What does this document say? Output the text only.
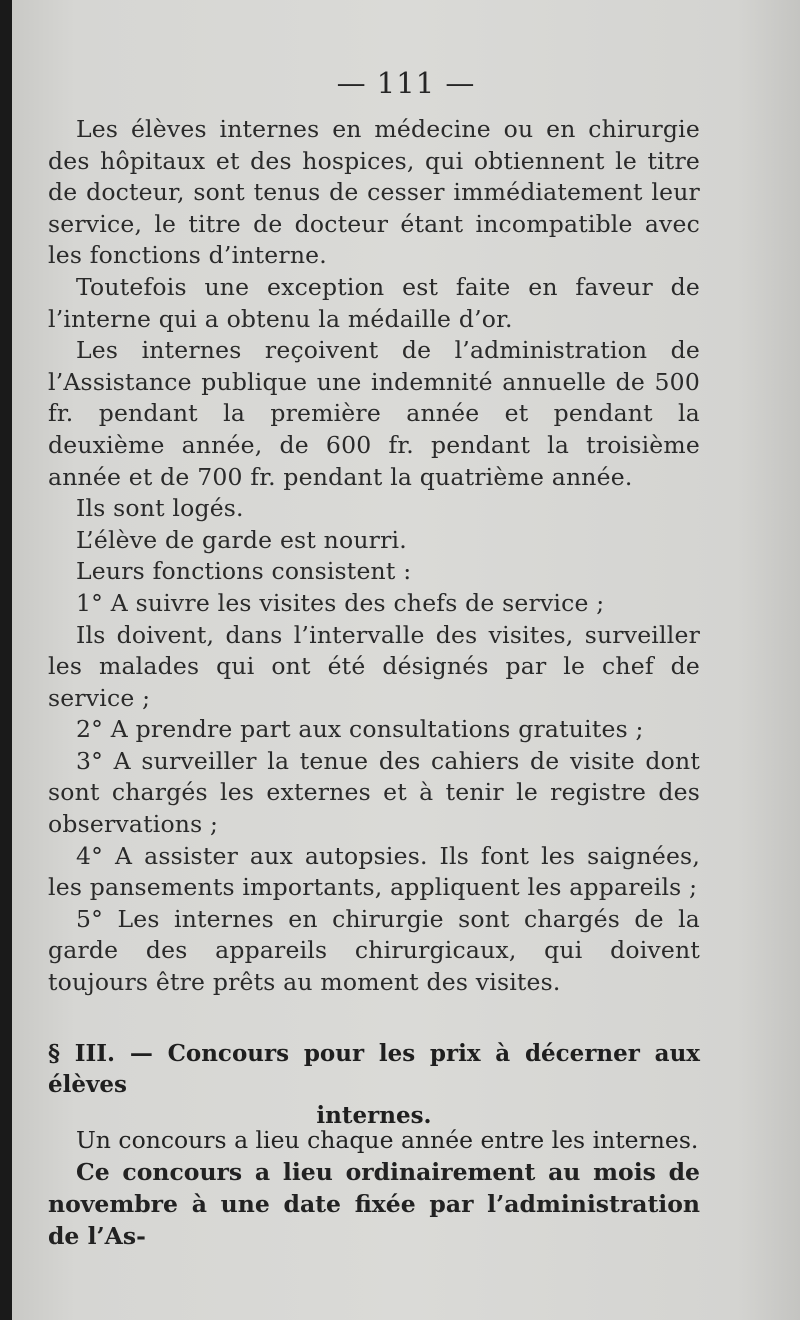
— 111 —

Les élèves internes en médecine ou en chirurgie des hôpitaux et des hospices, qui obtiennent le titre de docteur, sont tenus de cesser immédiatement leur service, le titre de docteur étant incompatible avec les fonctions d’interne.

Toutefois une exception est faite en faveur de l’interne qui a obtenu la médaille d’or.

Les internes reçoivent de l’administration de l’Assistance publique une indemnité annuelle de 500 fr. pendant la première année et pendant la deuxième année, de 600 fr. pendant la troisième année et de 700 fr. pendant la quatrième année.

Ils sont logés.

L’élève de garde est nourri.

Leurs fonctions consistent :

1° A suivre les visites des chefs de service ;

Ils doivent, dans l’intervalle des visites, surveiller les malades qui ont été désignés par le chef de service ;

2° A prendre part aux consultations gratuites ;

3° A surveiller la tenue des cahiers de visite dont sont chargés les externes et à tenir le registre des observations ;

4° A assister aux autopsies. Ils font les saignées, les pansements importants, appliquent les appareils ;

5° Les internes en chirurgie sont chargés de la garde des appareils chirurgicaux, qui doivent toujours être prêts au moment des visites.

§ III. — Concours pour les prix à décerner aux élèves
internes.

Un concours a lieu chaque année entre les internes.

Ce concours a lieu ordinairement au mois de novembre à une date fixée par l’administration de l’As-
